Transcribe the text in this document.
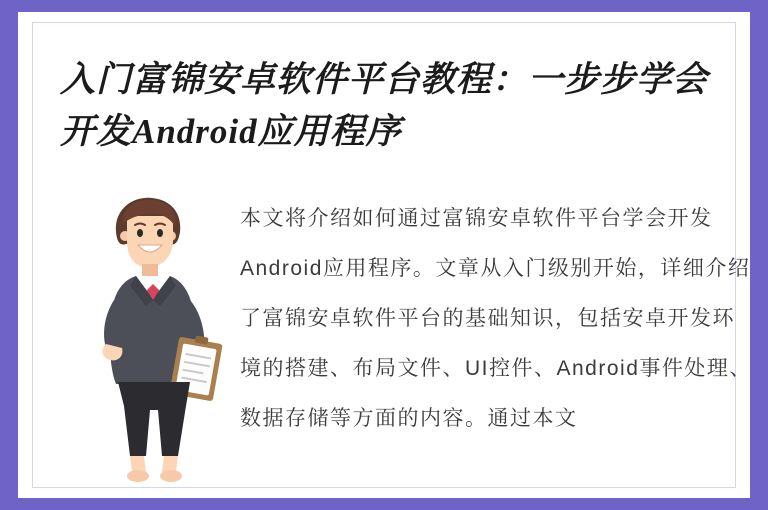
入门富锦安卓软件平台教程：一步步学会开发Android应用程序
本文将介绍如何通过富锦安卓软件平台学会开发Android应用程序。文章从入门级别开始，详细介绍了富锦安卓软件平台的基础知识，包括安卓开发环境的搭建、布局文件、UI控件、Android事件处理、数据存储等方面的内容。通过本文
